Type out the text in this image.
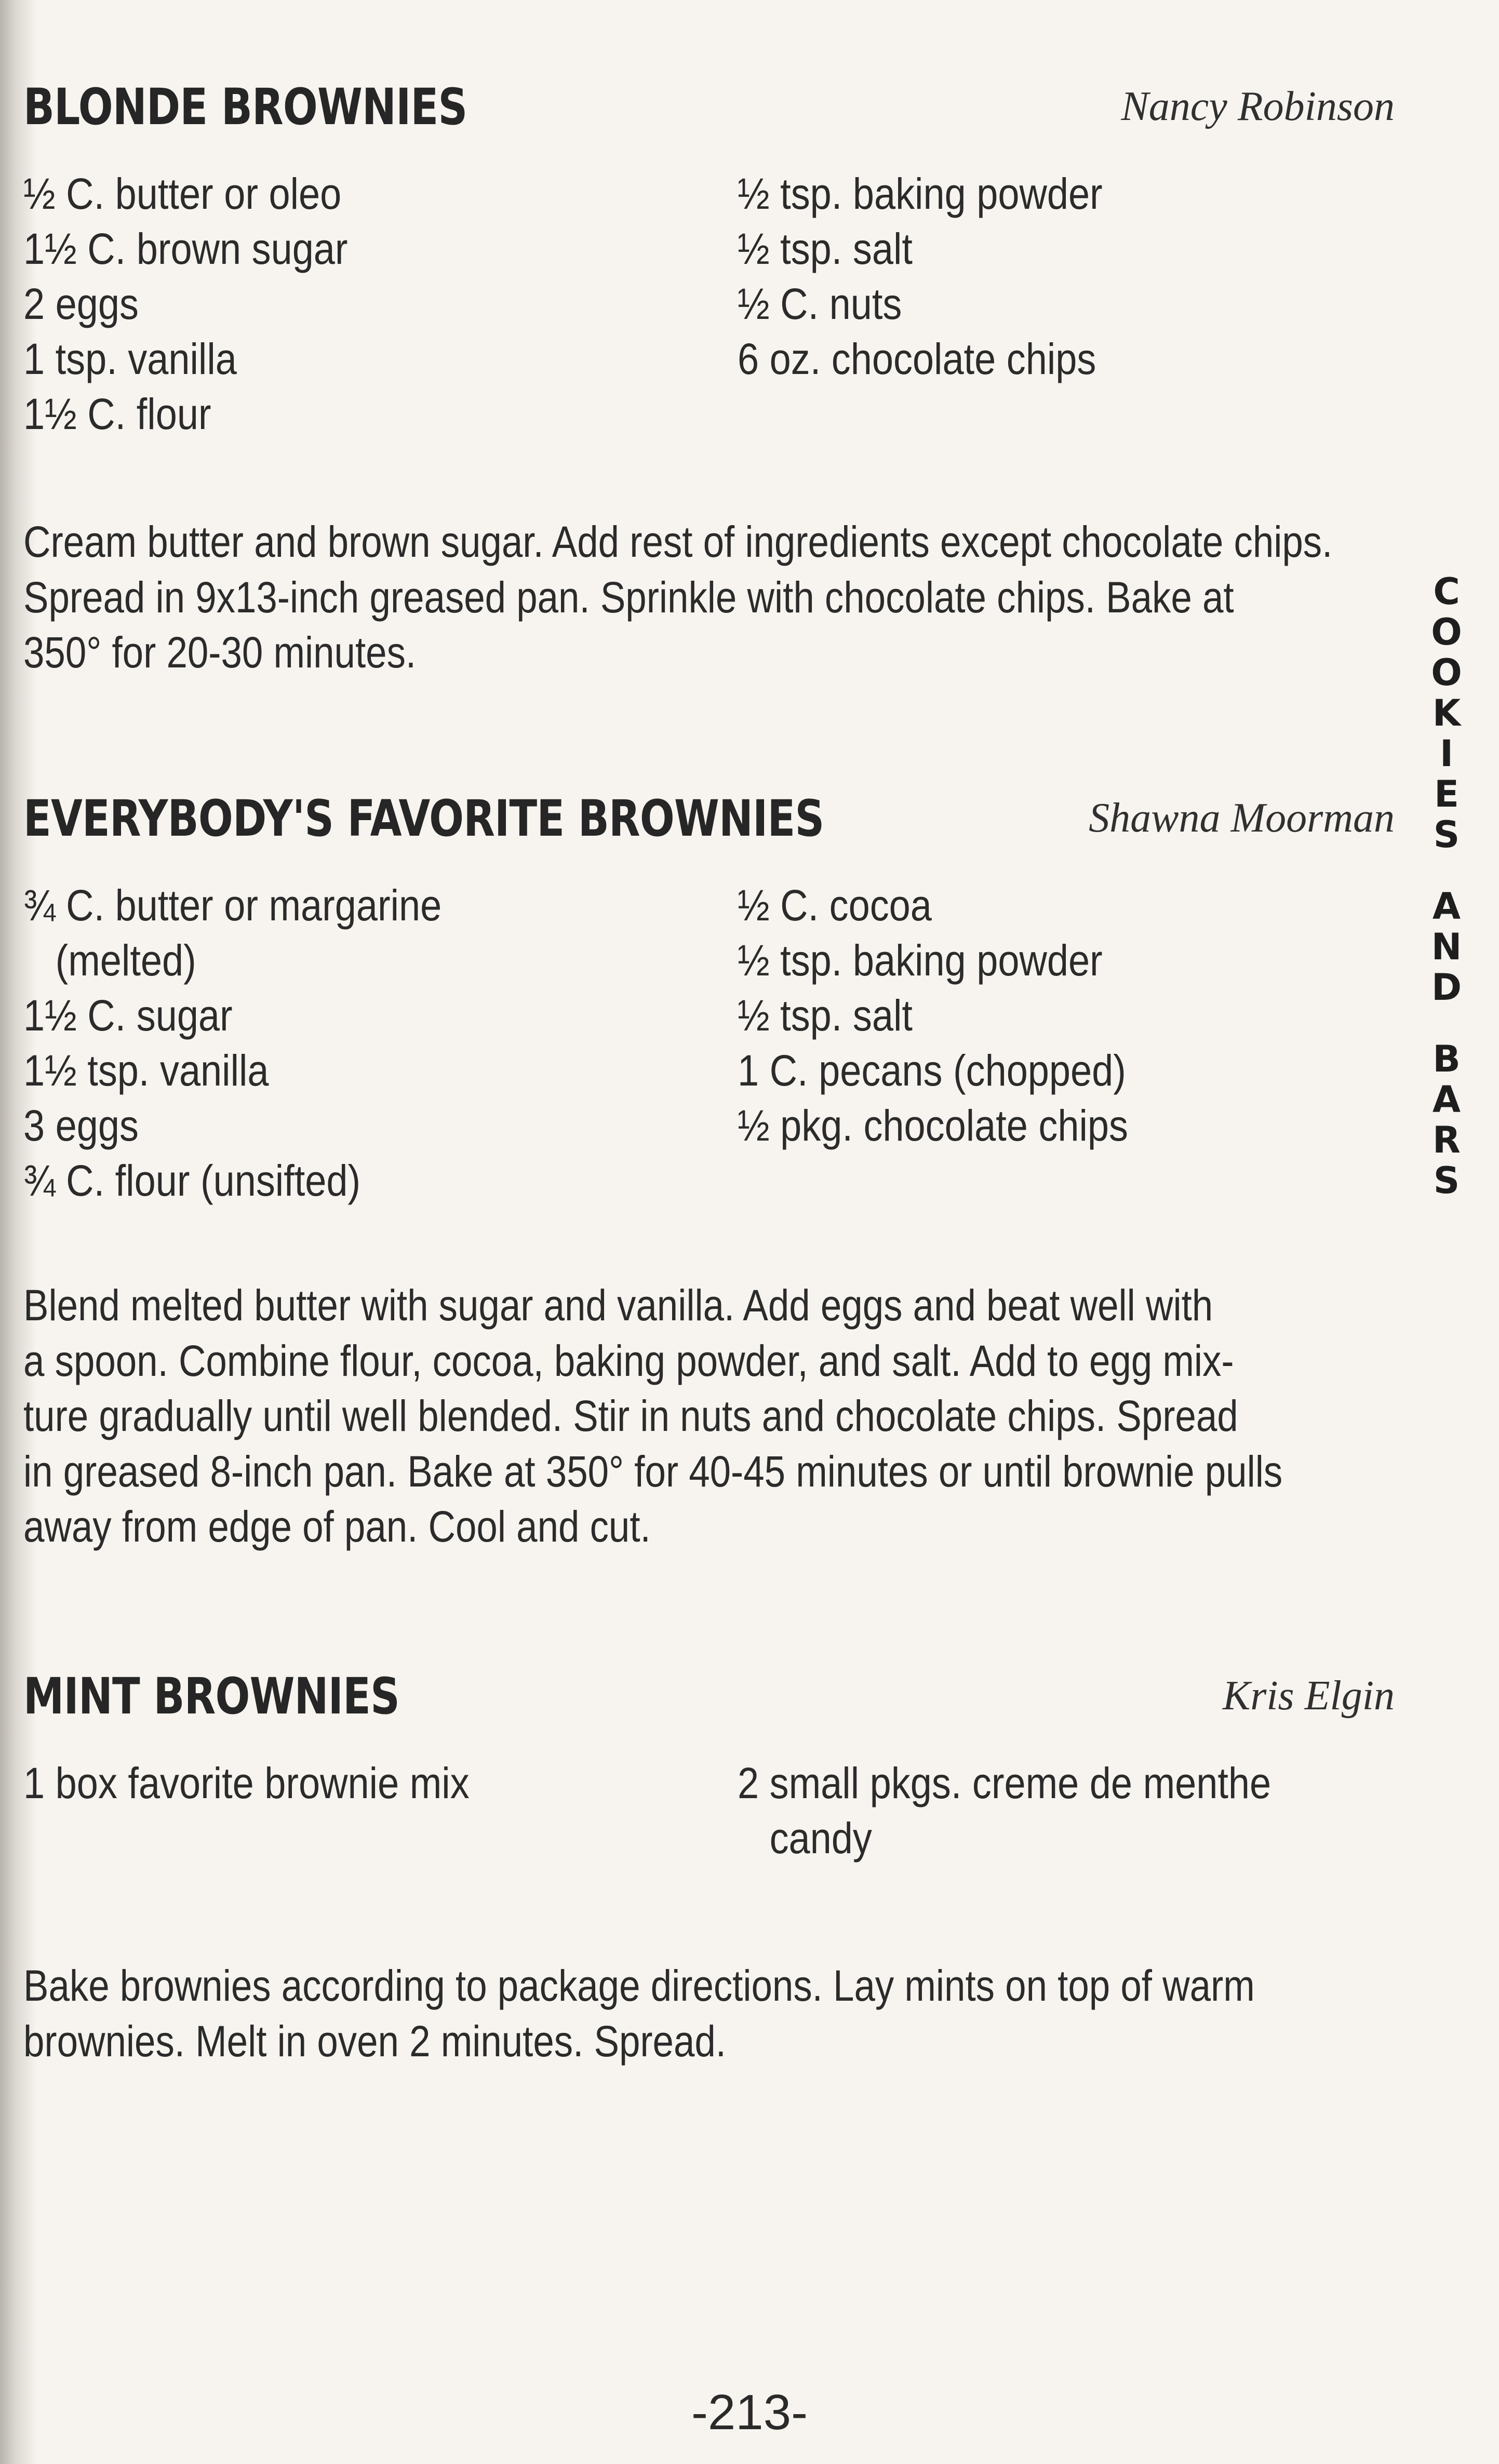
BLONDE BROWNIES	Nancy Robinson
½ C. butter or oleo
1½ C. brown sugar
2 eggs
1 tsp. vanilla
1½ C. flour
½ tsp. baking powder
½ tsp. salt
½ C. nuts
6 oz. chocolate chips
Cream butter and brown sugar. Add rest of ingredients except chocolate chips.
Spread in 9x13-inch greased pan. Sprinkle with chocolate chips. Bake at
350° for 20-30 minutes.
EVERYBODY'S FAVORITE BROWNIES	Shawna Moorman
¾ C. butter or margarine
(melted)
1½ C. sugar
1½ tsp. vanilla
3 eggs
¾ C. flour (unsifted)
½ C. cocoa
½ tsp. baking powder
½ tsp. salt
1 C. pecans (chopped)
½ pkg. chocolate chips
Blend melted butter with sugar and vanilla. Add eggs and beat well with
a spoon. Combine flour, cocoa, baking powder, and salt. Add to egg mix-
ture gradually until well blended. Stir in nuts and chocolate chips. Spread
in greased 8-inch pan. Bake at 350° for 40-45 minutes or until brownie pulls
away from edge of pan. Cool and cut.
MINT BROWNIES	Kris Elgin
1 box favorite brownie mix	2 small pkgs. creme de menthe
candy
Bake brownies according to package directions. Lay mints on top of warm
brownies. Melt in oven 2 minutes. Spread.
C
O
O
K
I
E
S
A
N
D
B
A
R
S
-213-
